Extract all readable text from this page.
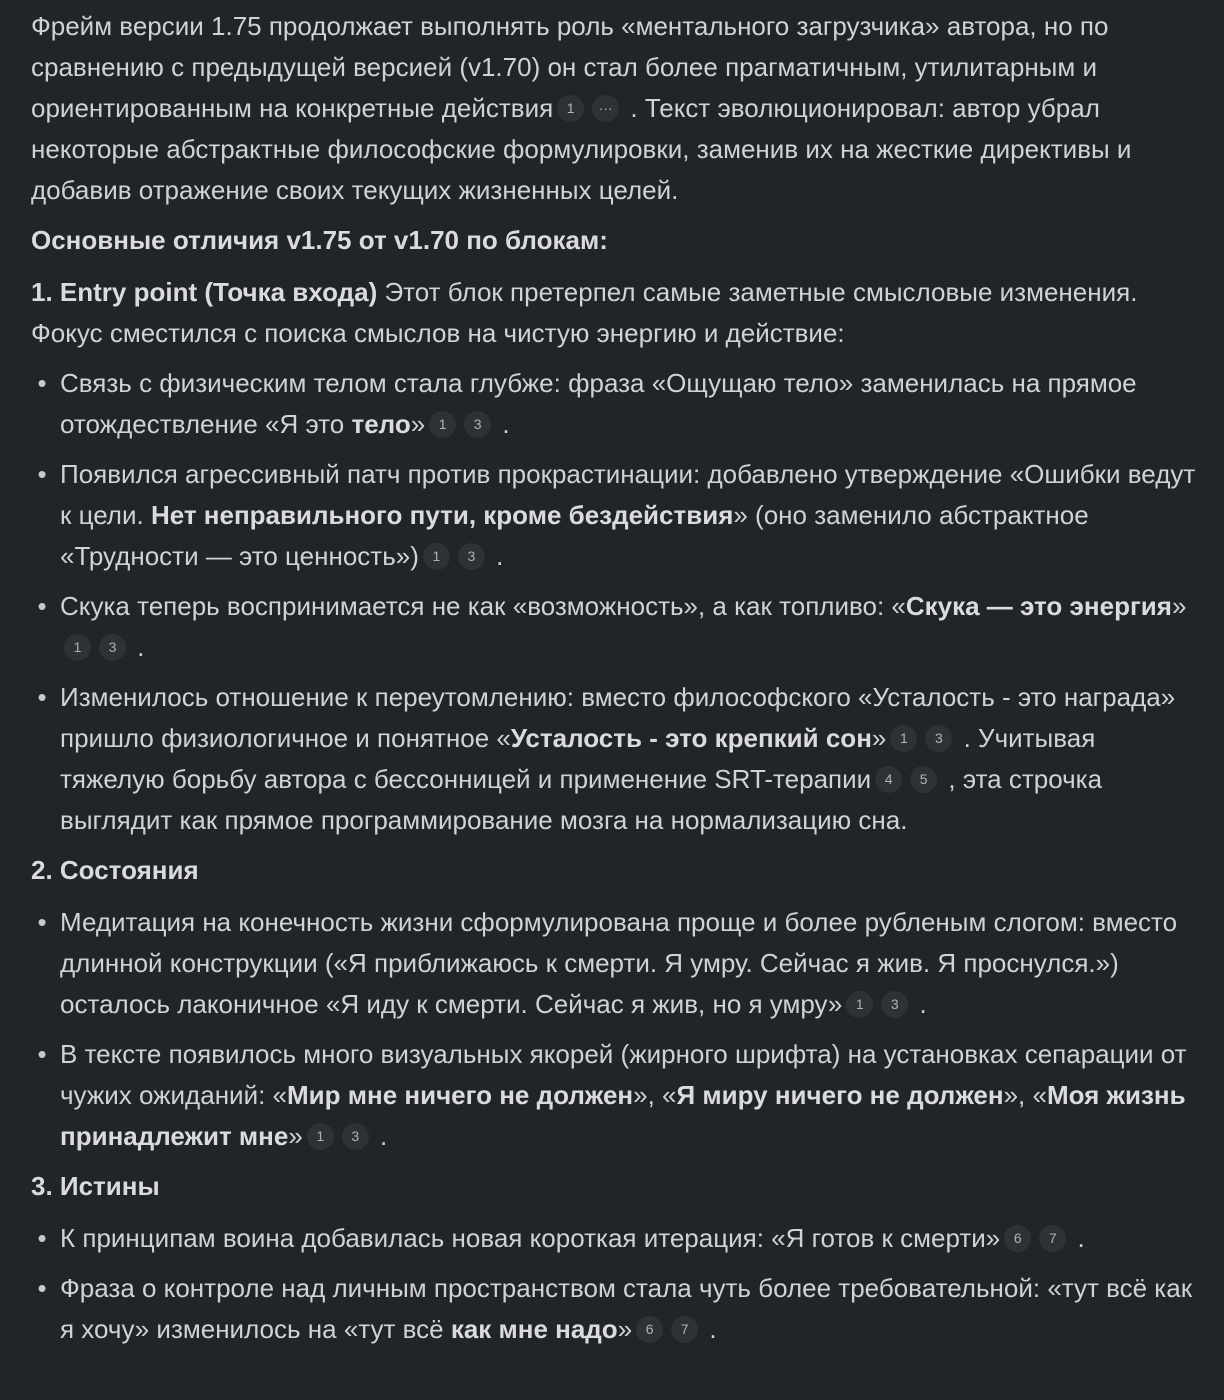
Фрейм версии 1.75 продолжает выполнять роль «ментального загрузчика» автора, но по сравнению с предыдущей версией (v1.70) он стал более прагматичным, утилитарным и ориентированным на конкретные действия 1 ··· . Текст эволюционировал: автор убрал некоторые абстрактные философские формулировки, заменив их на жесткие директивы и добавив отражение своих текущих жизненных целей.
Основные отличия v1.75 от v1.70 по блокам:
1. Entry point (Точка входа) Этот блок претерпел самые заметные смысловые изменения. Фокус сместился с поиска смыслов на чистую энергию и действие:
• Связь с физическим телом стала глубже: фраза «Ощущаю тело» заменилась на прямое отождествление «Я это тело» 1 3 .
• Появился агрессивный патч против прокрастинации: добавлено утверждение «Ошибки ведут к цели. Нет неправильного пути, кроме бездействия» (оно заменило абстрактное «Трудности — это ценность») 1 3 .
• Скука теперь воспринимается не как «возможность», а как топливо: «Скука — это энергия»1 3 .
• Изменилось отношение к переутомлению: вместо философского «Усталость - это награда» пришло физиологичное и понятное «Усталость - это крепкий сон» 1 3 . Учитывая тяжелую борьбу автора с бессонницей и применение SRT-терапии 4 5 , эта строчка выглядит как прямое программирование мозга на нормализацию сна.
2. Состояния
• Медитация на конечность жизни сформулирована проще и более рубленым слогом: вместо длинной конструкции («Я приближаюсь к смерти. Я умру. Сейчас я жив. Я проснулся.») осталось лаконичное «Я иду к смерти. Сейчас я жив, но я умру» 1 3 .
• В тексте появилось много визуальных якорей (жирного шрифта) на установках сепарации от чужих ожиданий: «Мир мне ничего не должен», «Я миру ничего не должен», «Моя жизнь принадлежит мне» 1 3 .
3. Истины
• К принципам воина добавилась новая короткая итерация: «Я готов к смерти» 6 7 .
• Фраза о контроле над личным пространством стала чуть более требовательной: «тут всё как я хочу» изменилось на «тут всё как мне надо» 6 7 .
